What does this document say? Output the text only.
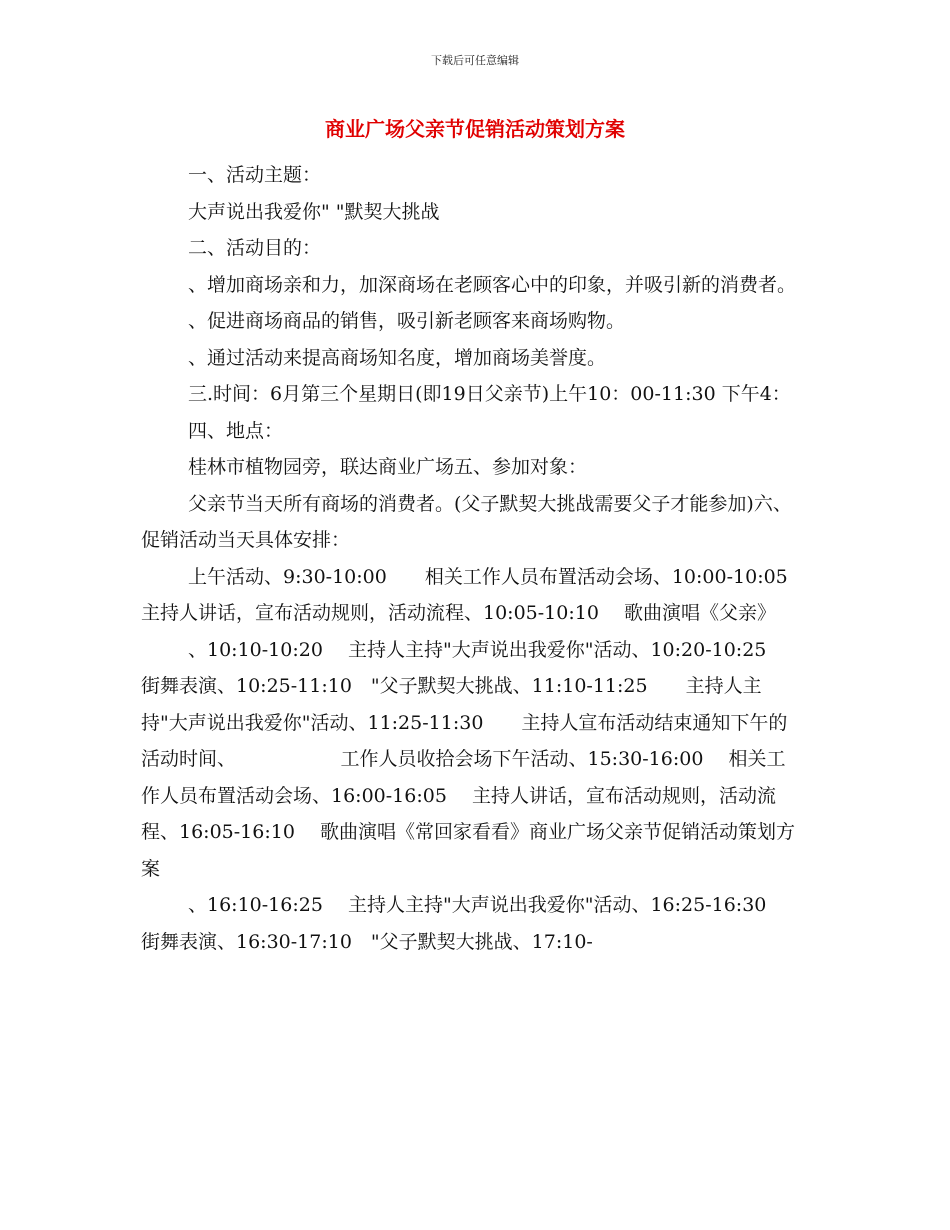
下载后可任意编辑
商业广场父亲节促销活动策划方案

一、活动主题：

大声说出我爱你" "默契大挑战

二、活动目的：

、增加商场亲和力，加深商场在老顾客心中的印象，并吸引新的消费者。

、促进商场商品的销售，吸引新老顾客来商场购物。

、通过活动来提高商场知名度，增加商场美誉度。

三.时间：6月第三个星期日(即19日父亲节)上午10：00-11:30 下午4：

四、地点：

桂林市植物园旁，联达商业广场五、参加对象：

父亲节当天所有商场的消费者。(父子默契大挑战需要父子才能参加)六、促销活动当天具体安排：

上午活动、9:30-10:00　　相关工作人员布置活动会场、10:00-10:05　 主持人讲话，宣布活动规则，活动流程、10:05-10:10　 歌曲演唱《父亲》

、10:10-10:20　 主持人主持"大声说出我爱你"活动、10:20-10:25　 街舞表演、10:25-11:10　"父子默契大挑战、11:10-11:25　　主持人主持"大声说出我爱你"活动、11:25-11:30　　主持人宣布活动结束通知下午的活动时间、　　　　　　工作人员收拾会场下午活动、15:30-16:00　 相关工作人员布置活动会场、16:00-16:05　 主持人讲话，宣布活动规则，活动流程、16:05-16:10　 歌曲演唱《常回家看看》商业广场父亲节促销活动策划方案

、16:10-16:25　 主持人主持"大声说出我爱你"活动、16:25-16:30　街舞表演、16:30-17:10　"父子默契大挑战、17:10-
